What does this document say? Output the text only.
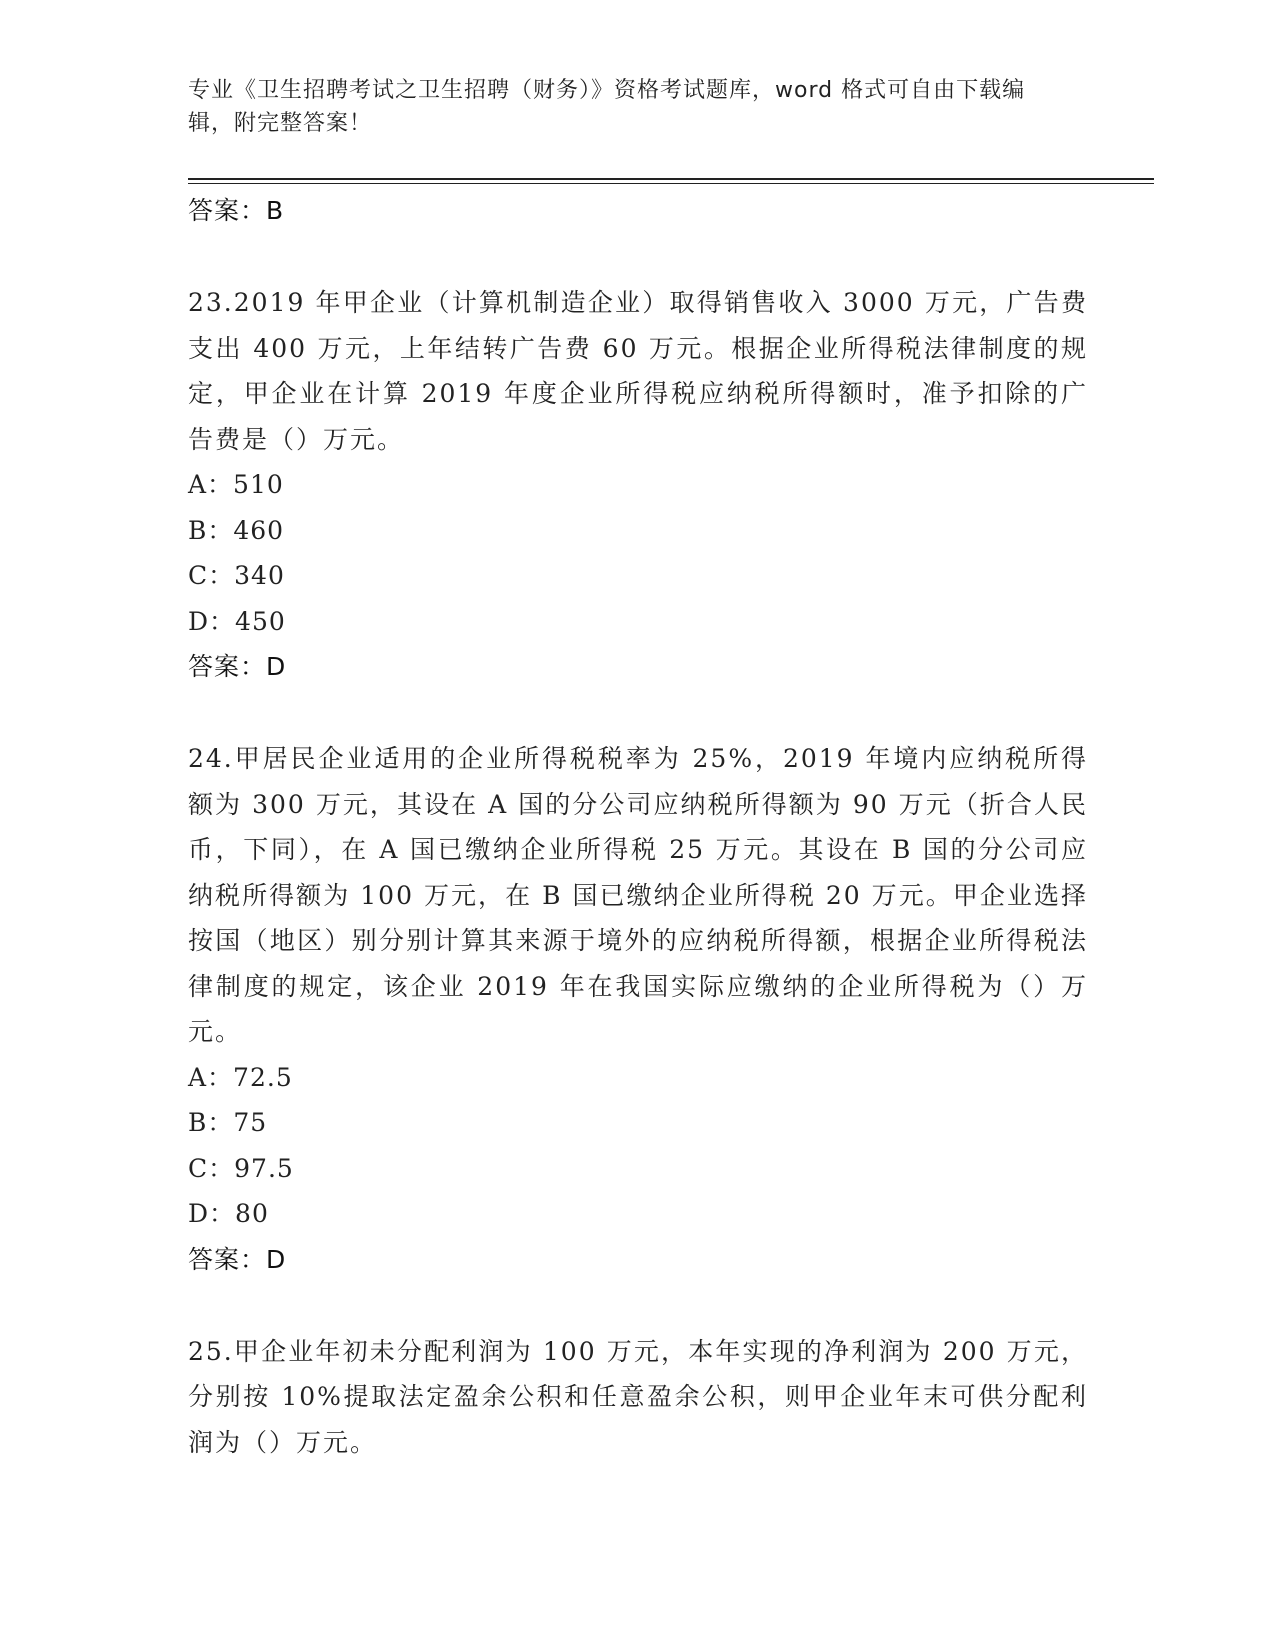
专业《卫生招聘考试之卫生招聘（财务）》资格考试题库，word 格式可自由下载编辑，附完整答案！
答案：B
23.2019 年甲企业（计算机制造企业）取得销售收入 3000 万元，广告费支出 400 万元，上年结转广告费 60 万元。根据企业所得税法律制度的规定，甲企业在计算 2019 年度企业所得税应纳税所得额时，准予扣除的广告费是（）万元。
A：510
B：460
C：340
D：450
答案：D
24.甲居民企业适用的企业所得税税率为 25%，2019 年境内应纳税所得额为 300 万元，其设在 A 国的分公司应纳税所得额为 90 万元（折合人民币，下同），在 A 国已缴纳企业所得税 25 万元。其设在 B 国的分公司应纳税所得额为 100 万元，在 B 国已缴纳企业所得税 20 万元。甲企业选择按国（地区）别分别计算其来源于境外的应纳税所得额，根据企业所得税法律制度的规定，该企业 2019 年在我国实际应缴纳的企业所得税为（）万元。
A：72.5
B：75
C：97.5
D：80
答案：D
25.甲企业年初未分配利润为 100 万元，本年实现的净利润为 200 万元，分别按 10%提取法定盈余公积和任意盈余公积，则甲企业年末可供分配利润为（）万元。
